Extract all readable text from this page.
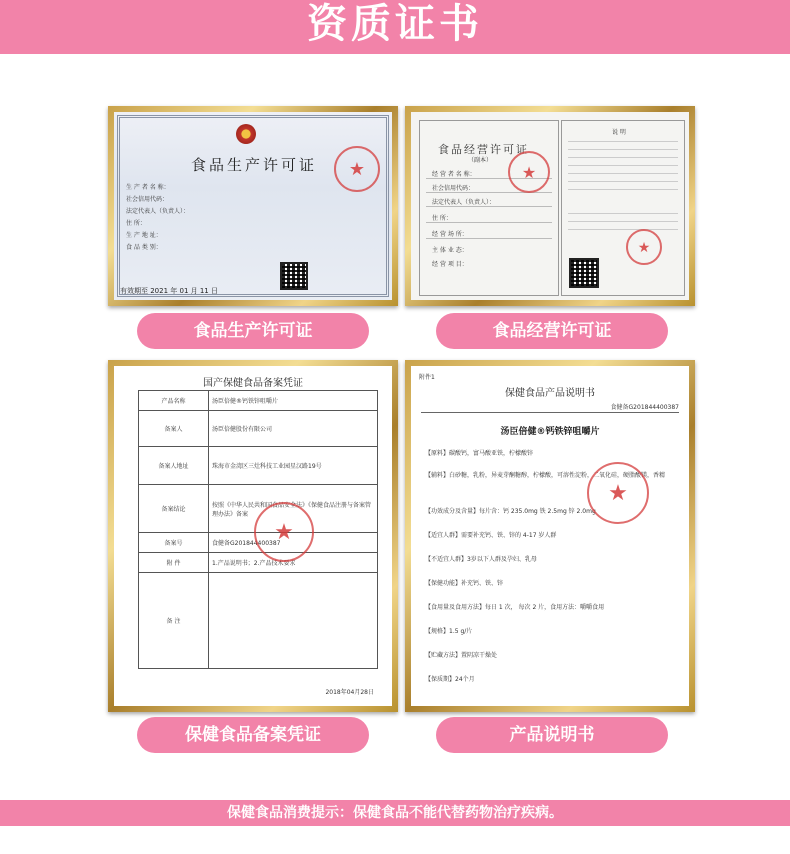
资质证书
食品生产许可证
生 产 者 名 称：
社会信用代码：
法定代表人（负责人）：
住 所：
生 产 地 址：
食 品 类 别：
★
有效期至 2021 年 01 月 11 日
食品经营许可证
（副本）
经 营 者 名 称：
社会信用代码：
法定代表人（负责人）：
住 所：
经 营 场 所：
主 体 业 态：
经 营 项 目：
★
说 明
★
食品生产许可证	食品经营许可证
国产保健食品备案凭证
产品名称	汤臣倍健®钙铁锌咀嚼片
备案人	汤臣倍健股份有限公司
备案人地址	珠海市金湾区三灶科技工业园星汉路19号
备案结论	按照《中华人民共和国食品安全法》《保健食品注册与备案管理办法》备案
备案号	食健备G201844400387
附 件	1.产品说明书；2.产品技术要求
备 注	
★
2018年04月28日
附件1
保健食品产品说明书
食健备G201844400387
汤臣倍健®钙铁锌咀嚼片
【原料】碳酸钙，富马酸亚铁，柠檬酸锌
【辅料】白砂糖，乳粉，异麦芽酮糖醇，柠檬酸，可溶性淀粉，二氧化硅，硬脂酸镁，香精
【功效成分及含量】每片含：钙 235.0mg 铁 2.5mg 锌 2.0mg
【适宜人群】需要补充钙、铁、锌的 4-17 岁人群
【不适宜人群】3岁以下人群及孕妇、乳母
【保健功能】补充钙、铁、锌
【食用量及食用方法】每日 1 次， 每次 2 片，食用方法：嚼嚼食用
【规格】1.5 g/片
【贮藏方法】置阴凉干燥处
【保质期】24个月
★
保健食品备案凭证	产品说明书
保健食品消费提示：保健食品不能代替药物治疗疾病。
